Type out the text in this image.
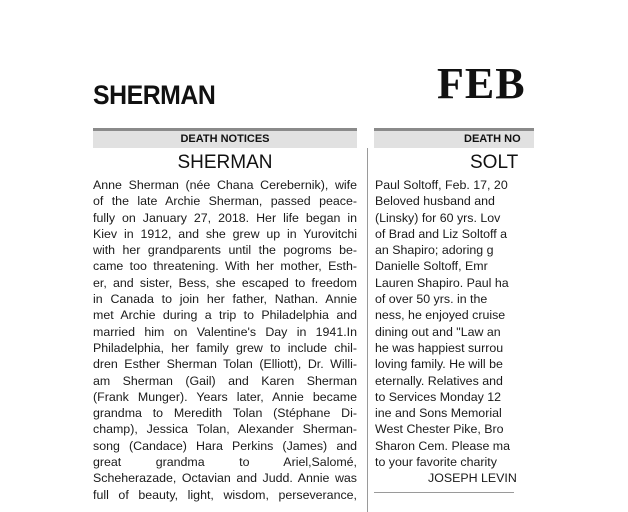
SHERMAN	FEB
DEATH NOTICES	DEATH NO
SHERMAN	SOLT
Anne Sherman (née Chana Cerebernik), wife
of the late Archie Sherman, passed peace-
fully on January 27, 2018. Her life began in
Kiev in 1912, and she grew up in Yurovitchi
with her grandparents until the pogroms be-
came too threatening. With her mother, Esth-
er, and sister, Bess, she escaped to freedom
in Canada to join her father, Nathan. Annie
met Archie during a trip to Philadelphia and
married him on Valentine's Day in 1941.In
Philadelphia, her family grew to include chil-
dren Esther Sherman Tolan (Elliott), Dr. Willi-
am Sherman (Gail) and Karen Sherman
(Frank Munger). Years later, Annie became
grandma to Meredith Tolan (Stéphane Di-
champ), Jessica Tolan, Alexander Sherman-
song (Candace) Hara Perkins (James) and
great grandma to Ariel,Salomé,
Scheherazade, Octavian and Judd. Annie was
full of beauty, light, wisdom, perseverance,
Paul Soltoff, Feb. 17, 20
Beloved husband and
(Linsky) for 60 yrs. Lov
of Brad and Liz Soltoff a
an Shapiro; adoring g
Danielle Soltoff, Emr
Lauren Shapiro. Paul ha
of over 50 yrs. in the
ness, he enjoyed cruise
dining out and "Law an
he was happiest surrou
loving family. He will be
eternally. Relatives and
to Services Monday 12
ine and Sons Memorial
West Chester Pike, Bro
Sharon Cem. Please ma
to your favorite charity
JOSEPH LEVIN
